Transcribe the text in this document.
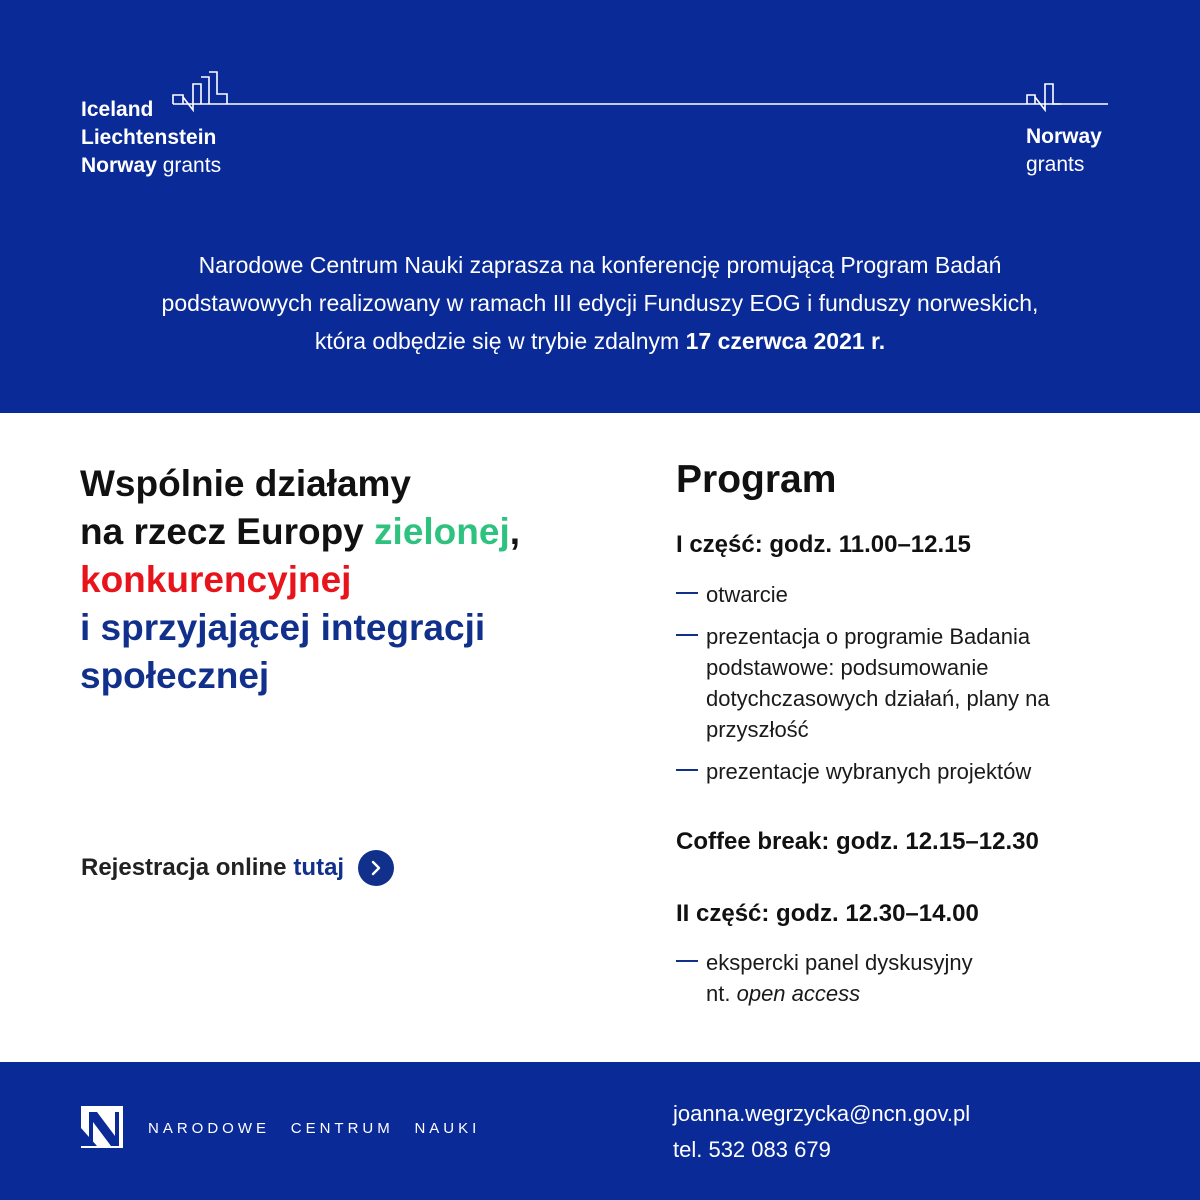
Iceland
Liechtenstein
Norway grants
Norway
grants
Narodowe Centrum Nauki zaprasza na konferencję promującą Program Badań
podstawowych realizowany w ramach III edycji Funduszy EOG i funduszy norweskich,
która odbędzie się w trybie zdalnym 17 czerwca 2021 r.
Wspólnie działamy
na rzecz Europy zielonej,
konkurencyjnej
i sprzyjającej integracji
społecznej
Rejestracja online tutaj
Program
I część: godz. 11.00–12.15
otwarcie
prezentacja o programie Badania podstawowe: podsumowanie dotychczasowych działań, plany na przyszłość
prezentacje wybranych projektów
Coffee break: godz. 12.15–12.30
II część: godz. 12.30–14.00
ekspercki panel dyskusyjny
nt. open access
NARODOWE CENTRUM NAUKI
joanna.wegrzycka@ncn.gov.pl
tel. 532 083 679
